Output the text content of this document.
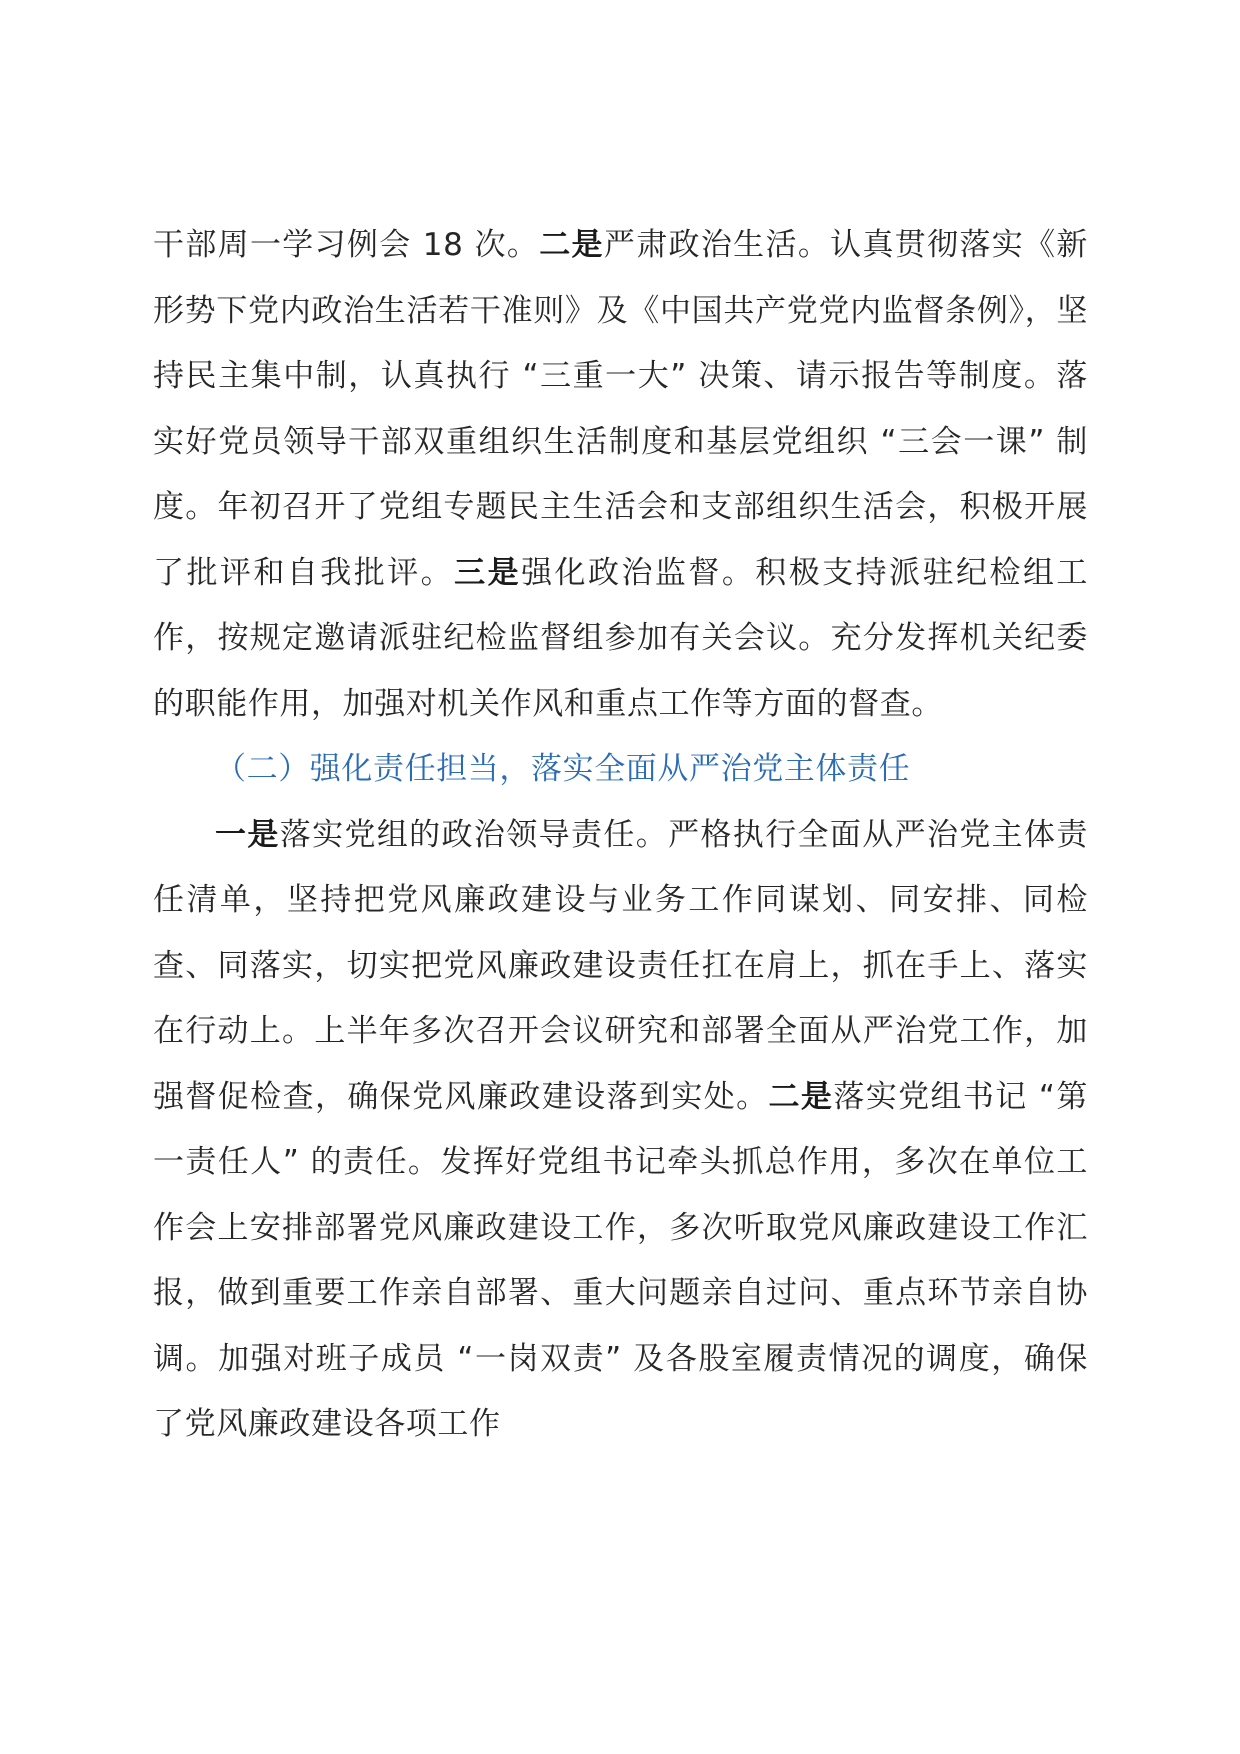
干部周一学习例会 18 次。二是严肃政治生活。认真贯彻落实《新形势下党内政治生活若干准则》及《中国共产党党内监督条例》，坚持民主集中制，认真执行 “三重一大” 决策、请示报告等制度。落实好党员领导干部双重组织生活制度和基层党组织 “三会一课” 制度。年初召开了党组专题民主生活会和支部组织生活会，积极开展了批评和自我批评。三是强化政治监督。积极支持派驻纪检组工作，按规定邀请派驻纪检监督组参加有关会议。充分发挥机关纪委的职能作用，加强对机关作风和重点工作等方面的督查。

（二）强化责任担当，落实全面从严治党主体责任

一是落实党组的政治领导责任。严格执行全面从严治党主体责任清单，坚持把党风廉政建设与业务工作同谋划、同安排、同检查、同落实，切实把党风廉政建设责任扛在肩上，抓在手上、落实在行动上。上半年多次召开会议研究和部署全面从严治党工作，加强督促检查，确保党风廉政建设落到实处。二是落实党组书记 “第一责任人” 的责任。发挥好党组书记牵头抓总作用，多次在单位工作会上安排部署党风廉政建设工作，多次听取党风廉政建设工作汇报，做到重要工作亲自部署、重大问题亲自过问、重点环节亲自协调。加强对班子成员 “一岗双责” 及各股室履责情况的调度，确保了党风廉政建设各项工作
